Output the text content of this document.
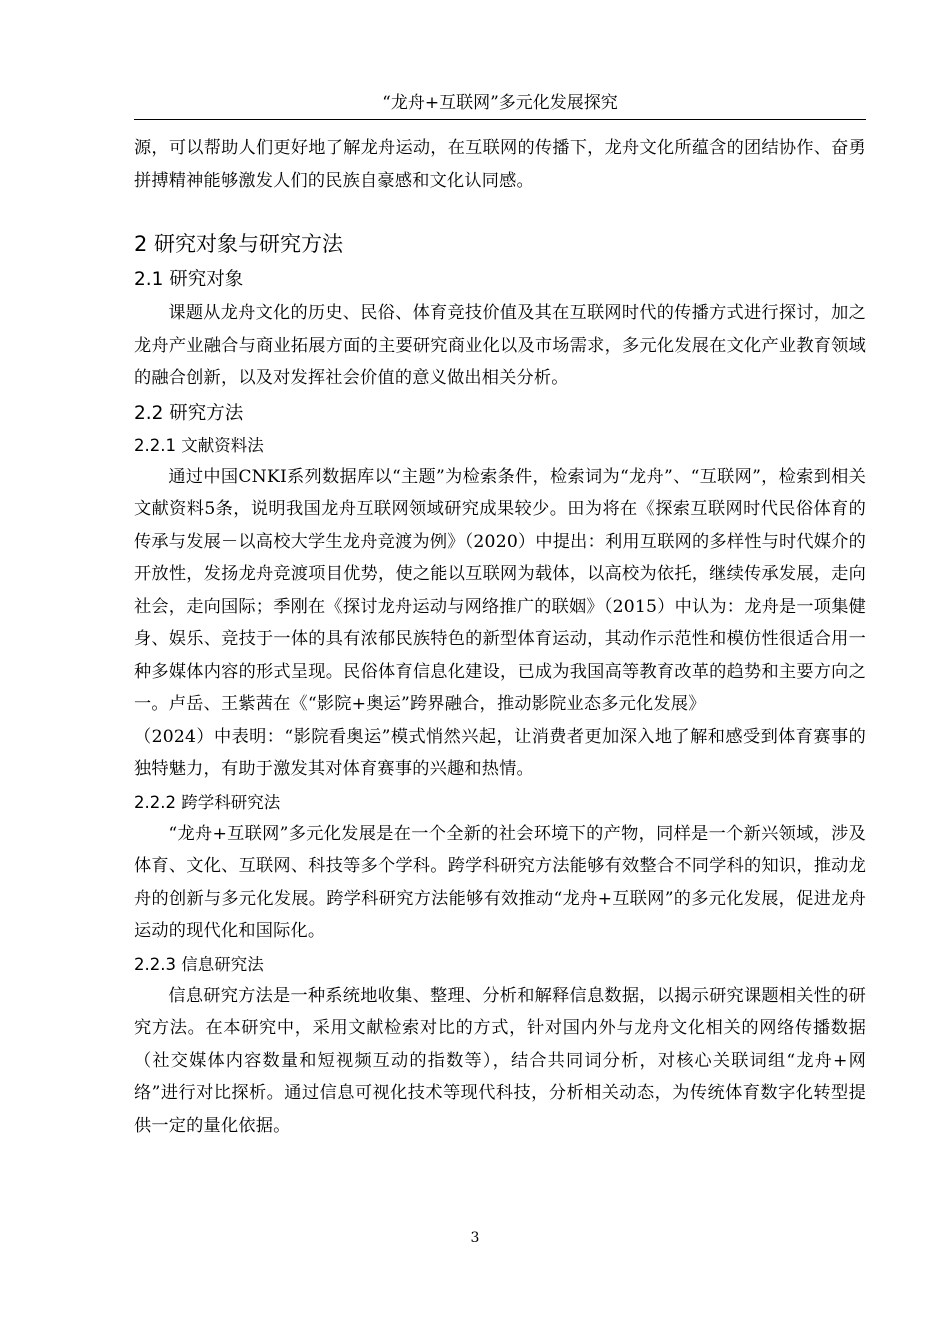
“龙舟+互联网”多元化发展探究

源，可以帮助人们更好地了解龙舟运动，在互联网的传播下，龙舟文化所蕴含的团结协作、奋勇拼搏精神能够激发人们的民族自豪感和文化认同感。

2 研究对象与研究方法
2.1 研究对象

课题从龙舟文化的历史、民俗、体育竞技价值及其在互联网时代的传播方式进行探讨，加之龙舟产业融合与商业拓展方面的主要研究商业化以及市场需求，多元化发展在文化产业教育领域的融合创新，以及对发挥社会价值的意义做出相关分析。

2.2 研究方法
2.2.1 文献资料法

通过中国CNKI系列数据库以“主题”为检索条件，检索词为“龙舟”、“互联网”，检索到相关文献资料5条，说明我国龙舟互联网领域研究成果较少。田为将在《探索互联网时代民俗体育的传承与发展－以高校大学生龙舟竞渡为例》（2020）中提出：利用互联网的多样性与时代媒介的开放性，发扬龙舟竞渡项目优势，使之能以互联网为载体，以高校为依托，继续传承发展，走向社会，走向国际；季刚在《探讨龙舟运动与网络推广的联姻》（2015）中认为：龙舟是一项集健身、娱乐、竞技于一体的具有浓郁民族特色的新型体育运动，其动作示范性和模仿性很适合用一种多媒体内容的形式呈现。民俗体育信息化建设，已成为我国高等教育改革的趋势和主要方向之一。卢岳、王紫茜在《“影院+奥运”跨界融合，推动影院业态多元化发展》

（2024）中表明：“影院看奥运”模式悄然兴起，让消费者更加深入地了解和感受到体育赛事的独特魅力，有助于激发其对体育赛事的兴趣和热情。

2.2.2 跨学科研究法

“龙舟+互联网”多元化发展是在一个全新的社会环境下的产物，同样是一个新兴领域，涉及体育、文化、互联网、科技等多个学科。跨学科研究方法能够有效整合不同学科的知识，推动龙舟的创新与多元化发展。跨学科研究方法能够有效推动“龙舟+互联网”的多元化发展，促进龙舟运动的现代化和国际化。

2.2.3 信息研究法

信息研究方法是一种系统地收集、整理、分析和解释信息数据，以揭示研究课题相关性的研究方法。在本研究中，采用文献检索对比的方式，针对国内外与龙舟文化相关的网络传播数据（社交媒体内容数量和短视频互动的指数等），结合共同词分析，对核心关联词组“龙舟+网络”进行对比探析。通过信息可视化技术等现代科技，分析相关动态，为传统体育数字化转型提供一定的量化依据。

3
